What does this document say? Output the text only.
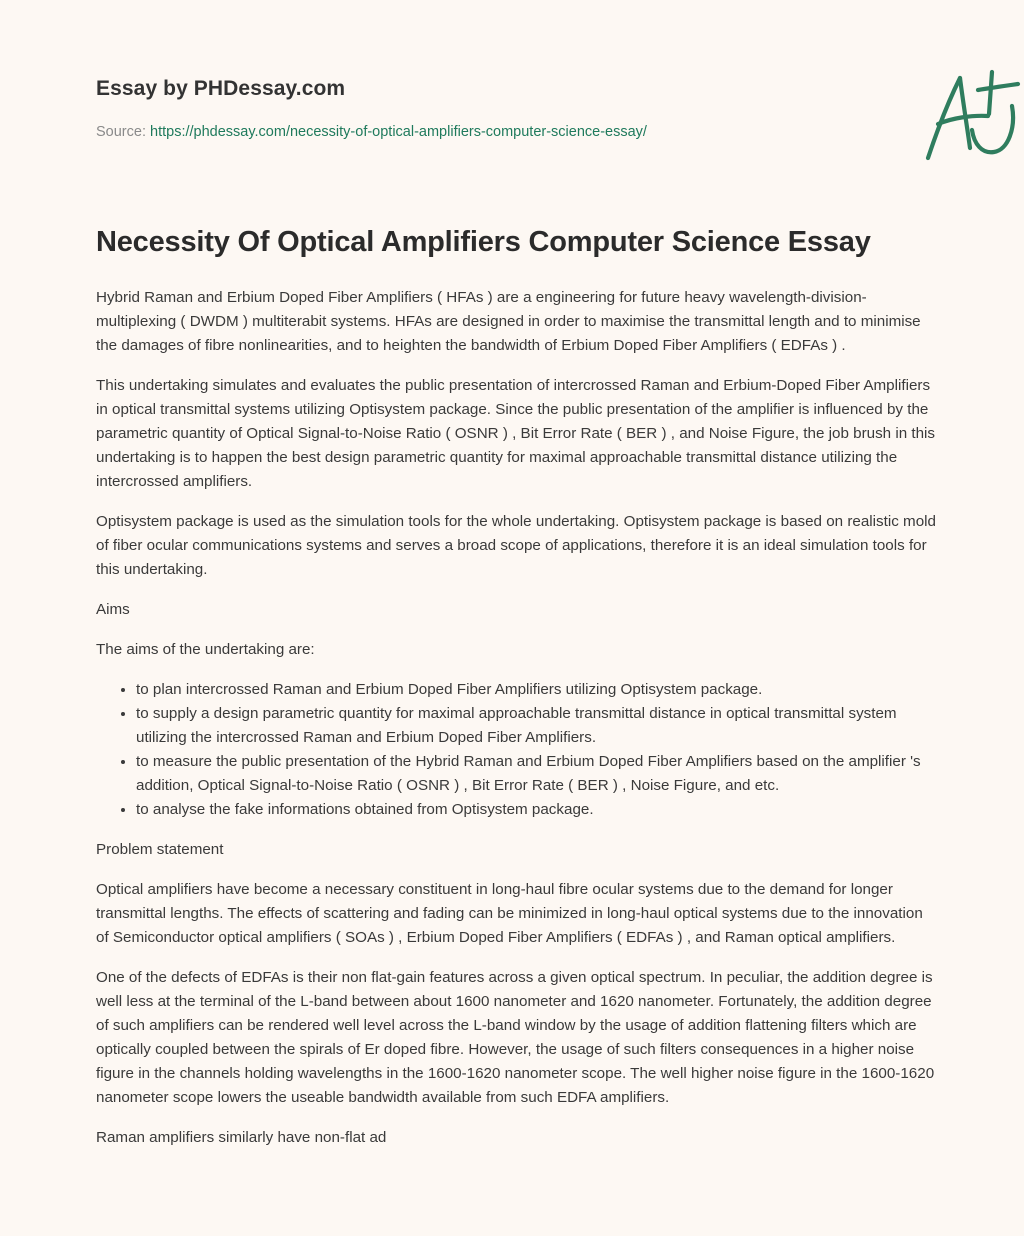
Essay by PHDessay.com
Source: https://phdessay.com/necessity-of-optical-amplifiers-computer-science-essay/
Necessity Of Optical Amplifiers Computer Science Essay

Hybrid Raman and Erbium Doped Fiber Amplifiers ( HFAs ) are a engineering for future heavy wavelength-division-multiplexing ( DWDM ) multiterabit systems. HFAs are designed in order to maximise the transmittal length and to minimise the damages of fibre nonlinearities, and to heighten the bandwidth of Erbium Doped Fiber Amplifiers ( EDFAs ) .

This undertaking simulates and evaluates the public presentation of intercrossed Raman and Erbium-Doped Fiber Amplifiers in optical transmittal systems utilizing Optisystem package. Since the public presentation of the amplifier is influenced by the parametric quantity of Optical Signal-to-Noise Ratio ( OSNR ) , Bit Error Rate ( BER ) , and Noise Figure, the job brush in this undertaking is to happen the best design parametric quantity for maximal approachable transmittal distance utilizing the intercrossed amplifiers.

Optisystem package is used as the simulation tools for the whole undertaking. Optisystem package is based on realistic mold of fiber ocular communications systems and serves a broad scope of applications, therefore it is an ideal simulation tools for this undertaking.

Aims

The aims of the undertaking are:

• to plan intercrossed Raman and Erbium Doped Fiber Amplifiers utilizing Optisystem package.
• to supply a design parametric quantity for maximal approachable transmittal distance in optical transmittal system utilizing the intercrossed Raman and Erbium Doped Fiber Amplifiers.
• to measure the public presentation of the Hybrid Raman and Erbium Doped Fiber Amplifiers based on the amplifier 's addition, Optical Signal-to-Noise Ratio ( OSNR ) , Bit Error Rate ( BER ) , Noise Figure, and etc.
• to analyse the fake informations obtained from Optisystem package.

Problem statement

Optical amplifiers have become a necessary constituent in long-haul fibre ocular systems due to the demand for longer transmittal lengths. The effects of scattering and fading can be minimized in long-haul optical systems due to the innovation of Semiconductor optical amplifiers ( SOAs ) , Erbium Doped Fiber Amplifiers ( EDFAs ) , and Raman optical amplifiers.

One of the defects of EDFAs is their non flat-gain features across a given optical spectrum. In peculiar, the addition degree is well less at the terminal of the L-band between about 1600 nanometer and 1620 nanometer. Fortunately, the addition degree of such amplifiers can be rendered well level across the L-band window by the usage of addition flattening filters which are optically coupled between the spirals of Er doped fibre. However, the usage of such filters consequences in a higher noise figure in the channels holding wavelengths in the 1600-1620 nanometer scope. The well higher noise figure in the 1600-1620 nanometer scope lowers the useable bandwidth available from such EDFA amplifiers.

Raman amplifiers similarly have non-flat ad
